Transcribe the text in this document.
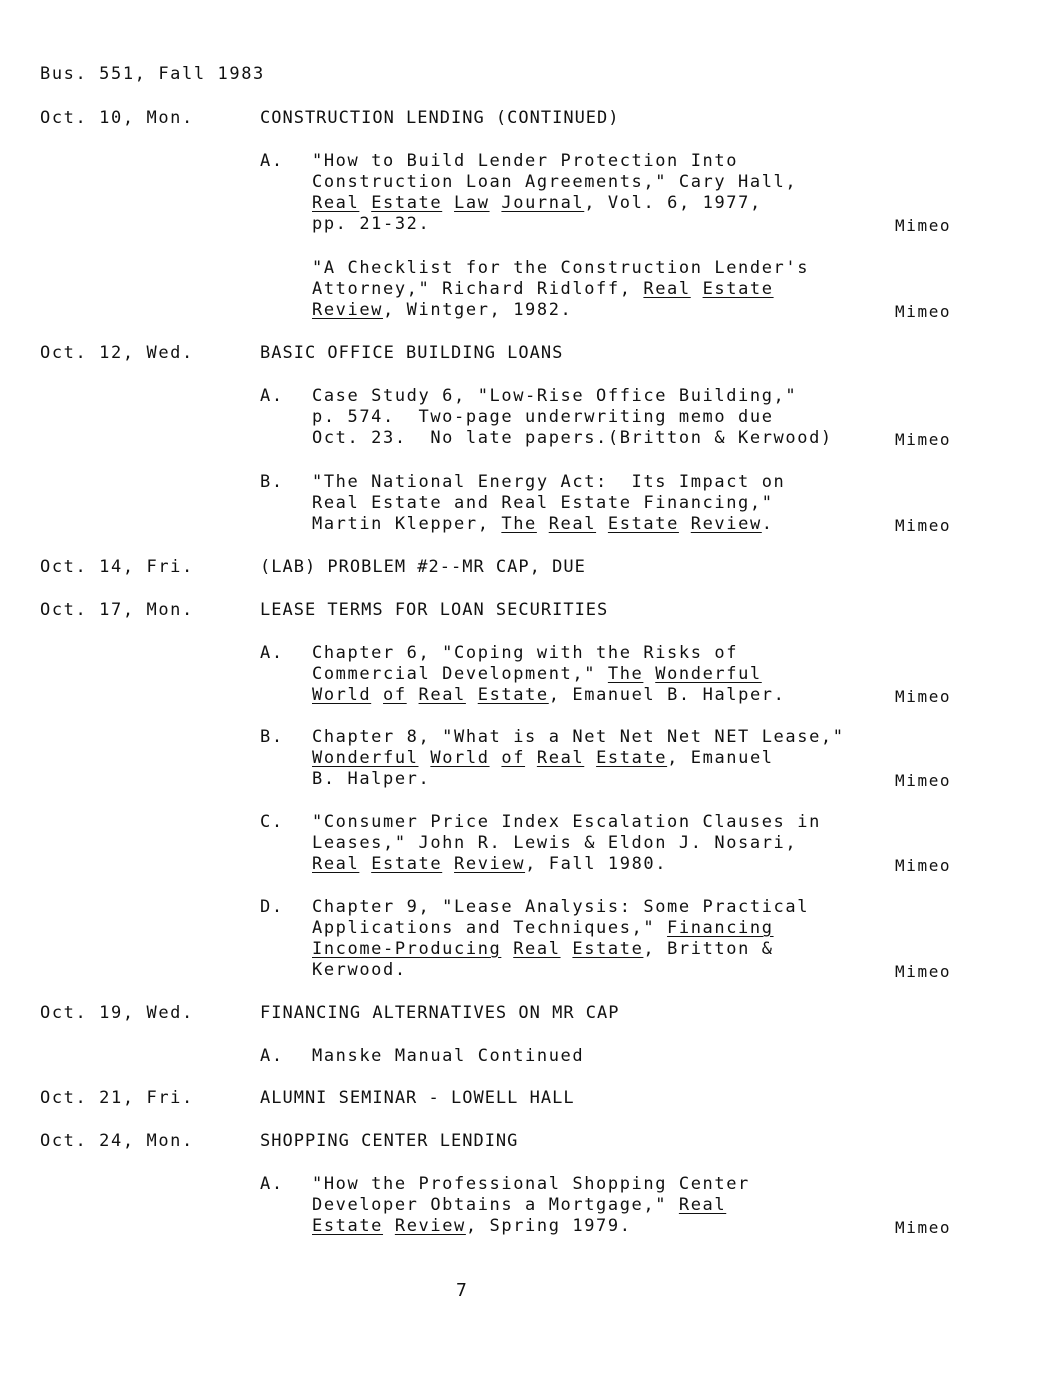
Bus. 551, Fall 1983
Oct. 10, Mon.	CONSTRUCTION LENDING (CONTINUED)
A. "How to Build Lender Protection Into
Construction Loan Agreements," Cary Hall,
Real Estate Law Journal, Vol. 6, 1977,
pp. 21-32.	Mimeo
"A Checklist for the Construction Lender's
Attorney," Richard Ridloff, Real Estate
Review, Wintger, 1982.	Mimeo
Oct. 12, Wed.	BASIC OFFICE BUILDING LOANS
A. Case Study 6, "Low-Rise Office Building,"
p. 574.  Two-page underwriting memo due
Oct. 23.  No late papers.(Britton & Kerwood)	Mimeo
B. "The National Energy Act:  Its Impact on
Real Estate and Real Estate Financing,"
Martin Klepper, The Real Estate Review.	Mimeo
Oct. 14, Fri.	(LAB) PROBLEM #2--MR CAP, DUE
Oct. 17, Mon.	LEASE TERMS FOR LOAN SECURITIES
A. Chapter 6, "Coping with the Risks of
Commercial Development," The Wonderful
World of Real Estate, Emanuel B. Halper.	Mimeo
B. Chapter 8, "What is a Net Net Net NET Lease,"
Wonderful World of Real Estate, Emanuel
B. Halper.	Mimeo
C. "Consumer Price Index Escalation Clauses in
Leases," John R. Lewis & Eldon J. Nosari,
Real Estate Review, Fall 1980.	Mimeo
D. Chapter 9, "Lease Analysis: Some Practical
Applications and Techniques," Financing
Income-Producing Real Estate, Britton &
Kerwood.	Mimeo
Oct. 19, Wed.	FINANCING ALTERNATIVES ON MR CAP
A. Manske Manual Continued
Oct. 21, Fri.	ALUMNI SEMINAR - LOWELL HALL
Oct. 24, Mon.	SHOPPING CENTER LENDING
A. "How the Professional Shopping Center
Developer Obtains a Mortgage," Real
Estate Review, Spring 1979.	Mimeo
7
